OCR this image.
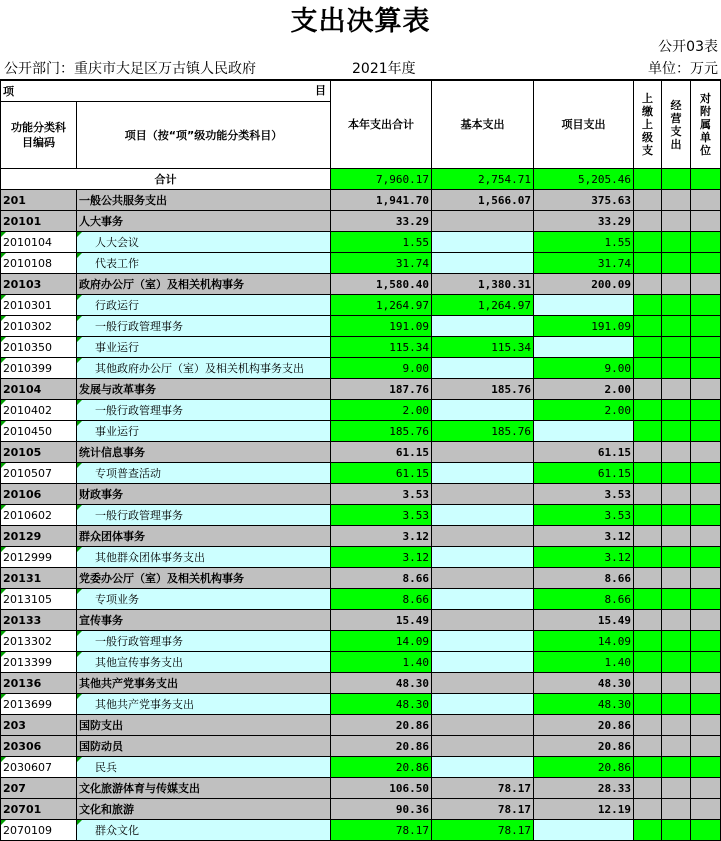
支出决算表
公开03表
公开部门：重庆市大足区万古镇人民政府	2021年度	单位：万元
项 目		本年支出合计	基本支出	项目支出	上缴上级支	经营支出	对附属单位

功能分类科目编码	项目（按“项”级功能分类科目）						
合计		7,960.17	2,754.71	5,205.46			
201	一般公共服务支出	1,941.70	1,566.07	375.63			
20101	人大事务	33.29		33.29			
2010104	人大会议	1.55		1.55			
2010108	代表工作	31.74		31.74			
20103	政府办公厅（室）及相关机构事务	1,580.40	1,380.31	200.09			
2010301	行政运行	1,264.97	1,264.97				
2010302	一般行政管理事务	191.09		191.09			
2010350	事业运行	115.34	115.34				
2010399	其他政府办公厅（室）及相关机构事务支出	9.00		9.00			
20104	发展与改革事务	187.76	185.76	2.00			
2010402	一般行政管理事务	2.00		2.00			
2010450	事业运行	185.76	185.76				
20105	统计信息事务	61.15		61.15			
2010507	专项普查活动	61.15		61.15			
20106	财政事务	3.53		3.53			
2010602	一般行政管理事务	3.53		3.53			
20129	群众团体事务	3.12		3.12			
2012999	其他群众团体事务支出	3.12		3.12			
20131	党委办公厅（室）及相关机构事务	8.66		8.66			
2013105	专项业务	8.66		8.66			
20133	宣传事务	15.49		15.49			
2013302	一般行政管理事务	14.09		14.09			
2013399	其他宣传事务支出	1.40		1.40			
20136	其他共产党事务支出	48.30		48.30			
2013699	其他共产党事务支出	48.30		48.30			
203	国防支出	20.86		20.86			
20306	国防动员	20.86		20.86			
2030607	民兵	20.86		20.86			
207	文化旅游体育与传媒支出	106.50	78.17	28.33			
20701	文化和旅游	90.36	78.17	12.19			
2070109	群众文化	78.17	78.17				
